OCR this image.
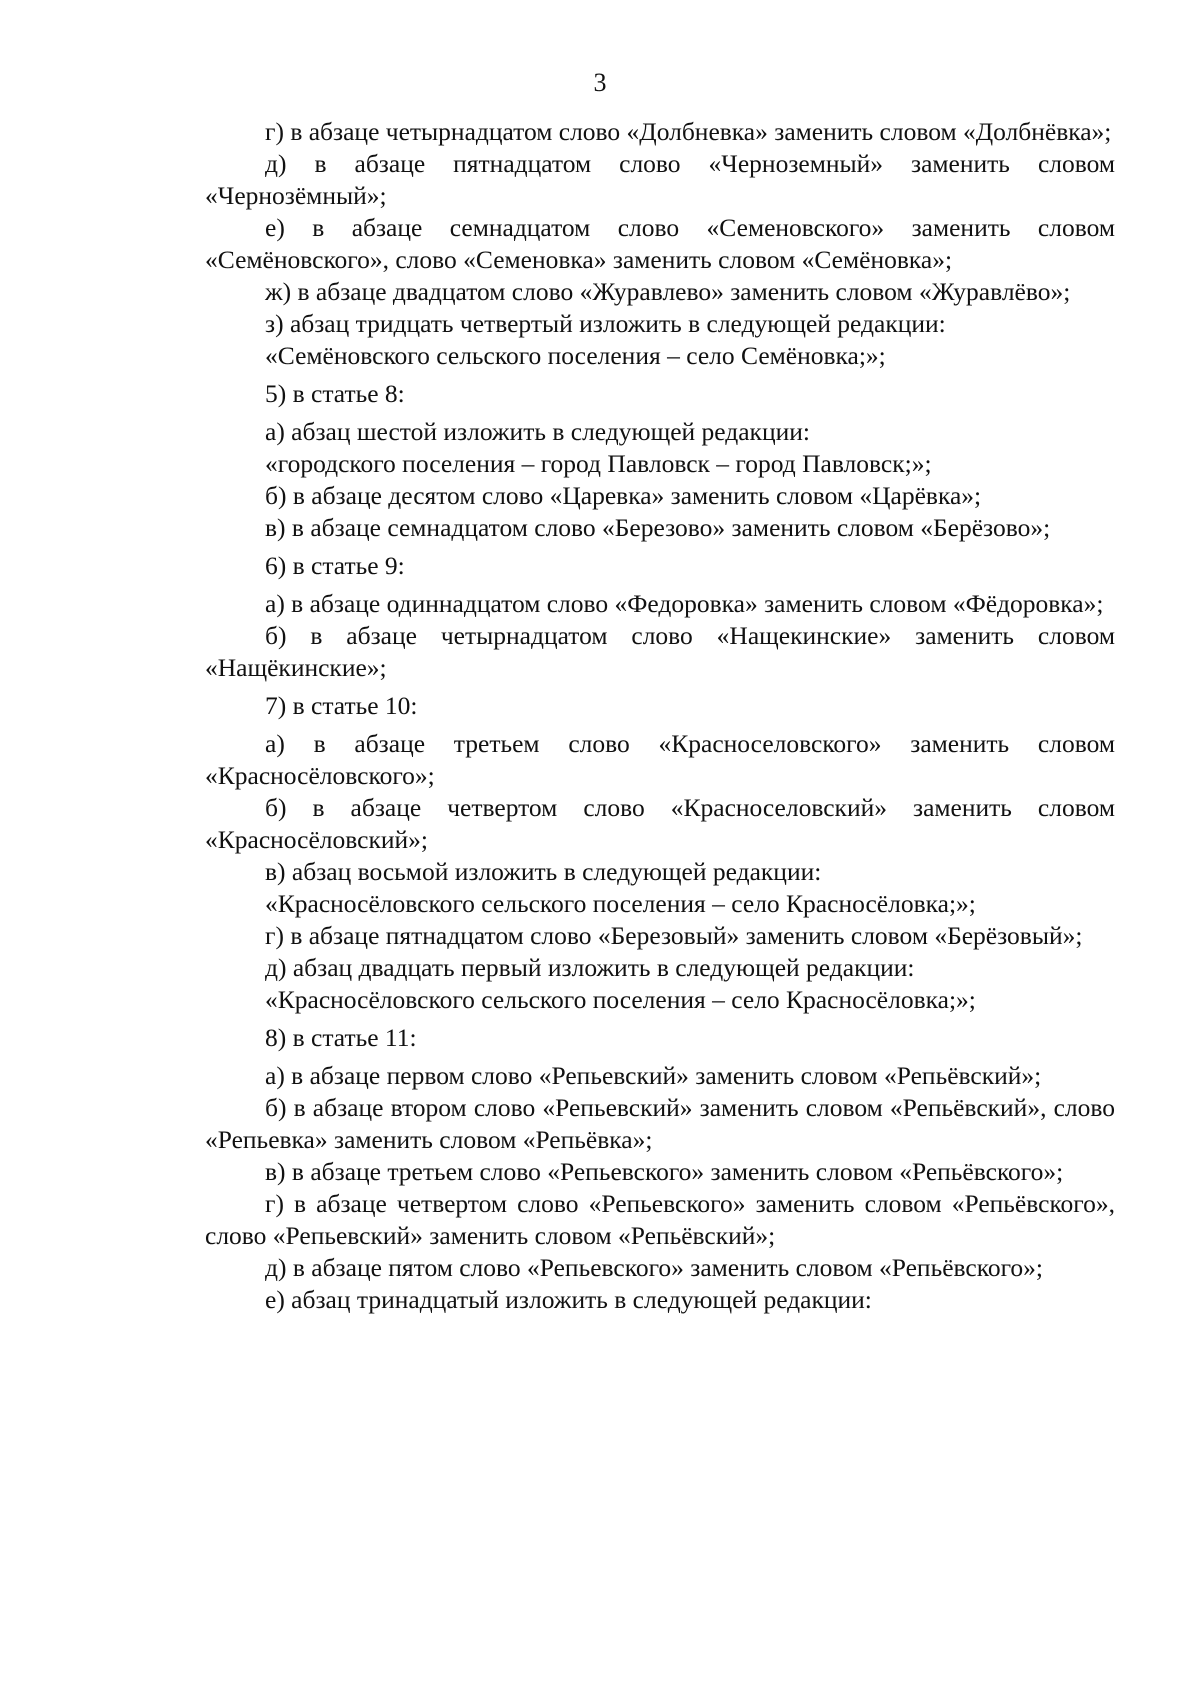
3

г) в абзаце четырнадцатом слово «Долбневка» заменить словом «Долбнёвка»;

д) в абзаце пятнадцатом слово «Черноземный» заменить словом «Чернозёмный»;

е) в абзаце семнадцатом слово «Семеновского» заменить словом «Семёновского», слово «Семеновка» заменить словом «Семёновка»;

ж) в абзаце двадцатом слово «Журавлево» заменить словом «Журавлёво»;

з) абзац тридцать четвертый изложить в следующей редакции:

«Семёновского сельского поселения – село Семёновка;»;

5) в статье 8:

а) абзац шестой изложить в следующей редакции:

«городского поселения – город Павловск – город Павловск;»;

б) в абзаце десятом слово «Царевка» заменить словом «Царёвка»;

в) в абзаце семнадцатом слово «Березово» заменить словом «Берёзово»;

6) в статье 9:

а) в абзаце одиннадцатом слово «Федоровка» заменить словом «Фёдоровка»;

б) в абзаце четырнадцатом слово «Нащекинские» заменить словом «Нащёкинские»;

7) в статье 10:

а) в абзаце третьем слово «Красноселовского» заменить словом «Красносёловского»;

б) в абзаце четвертом слово «Красноселовский» заменить словом «Красносёловский»;

в) абзац восьмой изложить в следующей редакции:

«Красносёловского сельского поселения – село Красносёловка;»;

г) в абзаце пятнадцатом слово «Березовый» заменить словом «Берёзовый»;

д) абзац двадцать первый изложить в следующей редакции:

«Красносёловского сельского поселения – село Красносёловка;»;

8) в статье 11:

а) в абзаце первом слово «Репьевский» заменить словом «Репьёвский»;

б) в абзаце втором слово «Репьевский» заменить словом «Репьёвский», слово «Репьевка» заменить словом «Репьёвка»;

в) в абзаце третьем слово «Репьевского» заменить словом «Репьёвского»;

г) в абзаце четвертом слово «Репьевского» заменить словом «Репьёвского», слово «Репьевский» заменить словом «Репьёвский»;

д) в абзаце пятом слово «Репьевского» заменить словом «Репьёвского»;

е) абзац тринадцатый изложить в следующей редакции:
